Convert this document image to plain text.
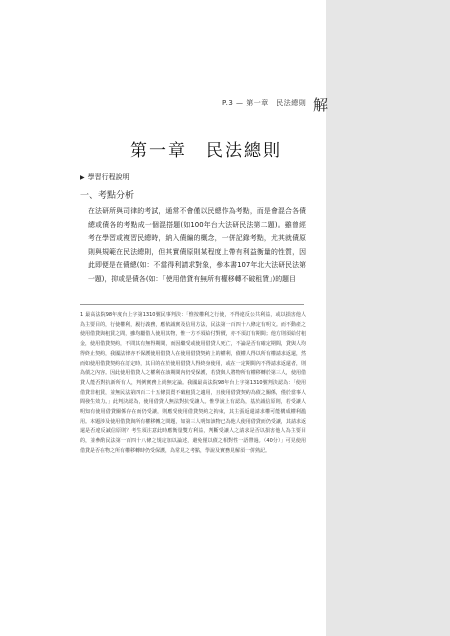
P.3 — 第一章　民法總則 解
第一章　民法總則
▶ 學習行程說明
一、考點分析

在法研所與司律的考試，通常不會僅以民總作為考點，而是會混合各債總或債各的考點成一個混搭題(如100年台大法研民法第二題)。雖曾經考在學習或複習民總時，納入債編的概念，一併記錄考點，尤其就債原則與規範在民法總則，但其實債原則某程度上帶有利益衡量的性質，因此即便是在債總(如：不當得利請求對象，參本書107年北大法研民法第一題)，抑或是債各(如：「使用借貸有無所有權移轉不破租賃」)的題目

1 最高法院98年度台上字第1310號民事判決：「惟按權利之行使，不得違反公共利益，或以損害他人為主要目的，行使權利，履行義務，應依誠實及信用方法，民法第一百四十八條定有明文。而不動產之使用借貸與租賃之間，雖均屬借人使用其物，惟一方不須給付對價，亦不須訂有期間；他方則須給付租金，使用借貸契約，不問其有無得期間，而因繼受或使用借貸人死亡，不論是否有確定期間，貸與人均得終止契約，我國法律亦不保護使用借貸人在使用借貸契約上的權利，債權人得以所有權請求返還，然而如使用借貸契約在訂定時，其目的在於使用借貸人得終身使用，或在一定期間內不得請求返還者，則為債之內容。因此使用借貸人之權利在該期間內仍受保護，若貸與人將物所有權移轉於第三人，使用借貸人能否對抗新所有人，判例實務上尚無定論。我國最高法院98年台上字第1310號判決認為：「使用借貸非租賃，並無民法第四百二十五條買賣不破租賃之適用，且使用借貸契約為債之關係，僅於當事人間發生效力。」此判決認為，使用借貸人無法對抗受讓人。惟學說上有認為，基於誠信原則，若受讓人明知有使用借貸關係存在而仍受讓，則應受使用借貸契約之拘束，其主張返還請求權可能構成權利濫用。本題涉及使用借貸與所有權移轉之問題，如第三人明知該物已為他人使用借貸而仍受讓，其請求返還是否違反誠信原則？考生須注意此時應衡量雙方利益，判斷受讓人之請求是否以損害他人為主要目的，並參酌民法第一百四十八條之規定加以論述，避免僅以債之相對性一語帶過。（40分）」可見使用借貸是否在物之所有權移轉時仍受保護，為常見之考點，學說及實務見解須一併熟記。
